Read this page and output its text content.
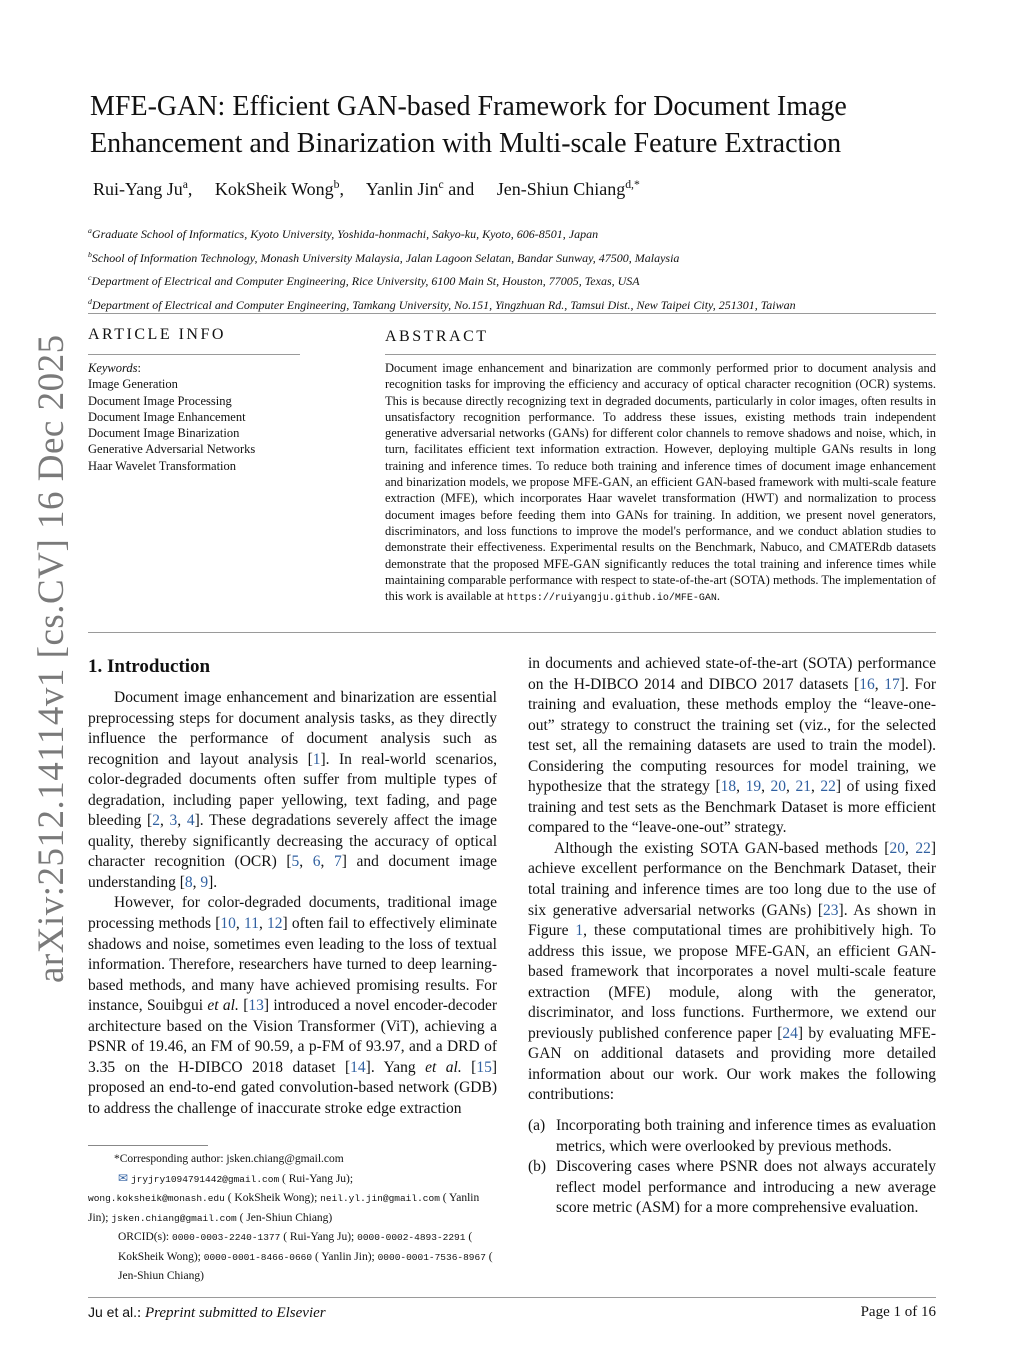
arXiv:2512.14114v1 [cs.CV] 16 Dec 2025
MFE-GAN: Efficient GAN-based Framework for Document Image
Enhancement and Binarization with Multi-scale Feature Extraction
Rui-Yang Ju$^a$, KokSheik Wong$^b$, Yanlin Jin$^c$ and Jen-Shiun Chiang$^{d,*}$
$^a$Graduate School of Informatics, Kyoto University, Yoshida-honmachi, Sakyo-ku, Kyoto, 606-8501, Japan
$^b$School of Information Technology, Monash University Malaysia, Jalan Lagoon Selatan, Bandar Sunway, 47500, Malaysia
$^c$Department of Electrical and Computer Engineering, Rice University, 6100 Main St, Houston, 77005, Texas, USA
$^d$Department of Electrical and Computer Engineering, Tamkang University, No.151, Yingzhuan Rd., Tamsui Dist., New Taipei City, 251301, Taiwan
ARTICLE INFO	ABSTRACT
Keywords:
Image Generation
Document Image Processing
Document Image Enhancement
Document Image Binarization
Generative Adversarial Networks
Haar Wavelet Transformation
Document image enhancement and binarization are commonly performed prior to document analysis and recognition tasks for improving the efficiency and accuracy of optical character recognition (OCR) systems. This is because directly recognizing text in degraded documents, particularly in color images, often results in unsatisfactory recognition performance. To address these issues, existing methods train independent generative adversarial networks (GANs) for different color channels to remove shadows and noise, which, in turn, facilitates efficient text information extraction. However, deploying multiple GANs results in long training and inference times. To reduce both training and inference times of document image enhancement and binarization models, we propose MFE-GAN, an efficient GAN-based framework with multi-scale feature extraction (MFE), which incorporates Haar wavelet transformation (HWT) and normalization to process document images before feeding them into GANs for training. In addition, we present novel generators, discriminators, and loss functions to improve the model's performance, and we conduct ablation studies to demonstrate their effectiveness. Experimental results on the Benchmark, Nabuco, and CMATERdb datasets demonstrate that the proposed MFE-GAN significantly reduces the total training and inference times while maintaining comparable performance with respect to state-of-the-art (SOTA) methods. The implementation of this work is available at https://ruiyangju.github.io/MFE-GAN.
1. Introduction

Document image enhancement and binarization are essential preprocessing steps for document analysis tasks, as they directly influence the performance of document analysis such as recognition and layout analysis [1]. In real-world scenarios, color-degraded documents often suffer from multiple types of degradation, including paper yellowing, text fading, and page bleeding [2, 3, 4]. These degradations severely affect the image quality, thereby significantly decreasing the accuracy of optical character recognition (OCR) [5, 6, 7] and document image understanding [8, 9].

However, for color-degraded documents, traditional image processing methods [10, 11, 12] often fail to effectively eliminate shadows and noise, sometimes even leading to the loss of textual information. Therefore, researchers have turned to deep learning-based methods, and many have achieved promising results. For instance, Souibgui et al. [13] introduced a novel encoder-decoder architecture based on the Vision Transformer (ViT), achieving a PSNR of 19.46, an FM of 90.59, a p-FM of 93.97, and a DRD of 3.35 on the H-DIBCO 2018 dataset [14]. Yang et al. [15] proposed an end-to-end gated convolution-based network (GDB) to address the challenge of inaccurate stroke edge extraction

in documents and achieved state-of-the-art (SOTA) performance on the H-DIBCO 2014 and DIBCO 2017 datasets [16, 17]. For training and evaluation, these methods employ the “leave-one-out” strategy to construct the training set (viz., for the selected test set, all the remaining datasets are used to train the model). Considering the computing resources for model training, we hypothesize that the strategy [18, 19, 20, 21, 22] of using fixed training and test sets as the Benchmark Dataset is more efficient compared to the “leave-one-out” strategy.

Although the existing SOTA GAN-based methods [20, 22] achieve excellent performance on the Benchmark Dataset, their total training and inference times are too long due to the use of six generative adversarial networks (GANs) [23]. As shown in Figure 1, these computational times are prohibitively high. To address this issue, we propose MFE-GAN, an efficient GAN-based framework that incorporates a novel multi-scale feature extraction (MFE) module, along with the generator, discriminator, and loss functions. Furthermore, we extend our previously published conference paper [24] by evaluating MFE-GAN on additional datasets and providing more detailed information about our work. Our work makes the following contributions:

(a) Incorporating both training and inference times as evaluation metrics, which were overlooked by previous methods.
(b) Discovering cases where PSNR does not always accurately reflect model performance and introducing a new average score metric (ASM) for a more comprehensive evaluation.
*Corresponding author: jsken.chiang@gmail.com
✉ jryjry1094791442@gmail.com ( Rui-Yang Ju);
wong.koksheik@monash.edu ( KokSheik Wong); neil.yl.jin@gmail.com ( Yanlin Jin); jsken.chiang@gmail.com ( Jen-Shiun Chiang)
ORCID(s): 0000-0003-2240-1377 ( Rui-Yang Ju); 0000-0002-4893-2291 ( KokSheik Wong); 0000-0001-8466-0660 ( Yanlin Jin); 0000-0001-7536-8967 ( Jen-Shiun Chiang)
Ju et al.: Preprint submitted to Elsevier	Page 1 of 16
